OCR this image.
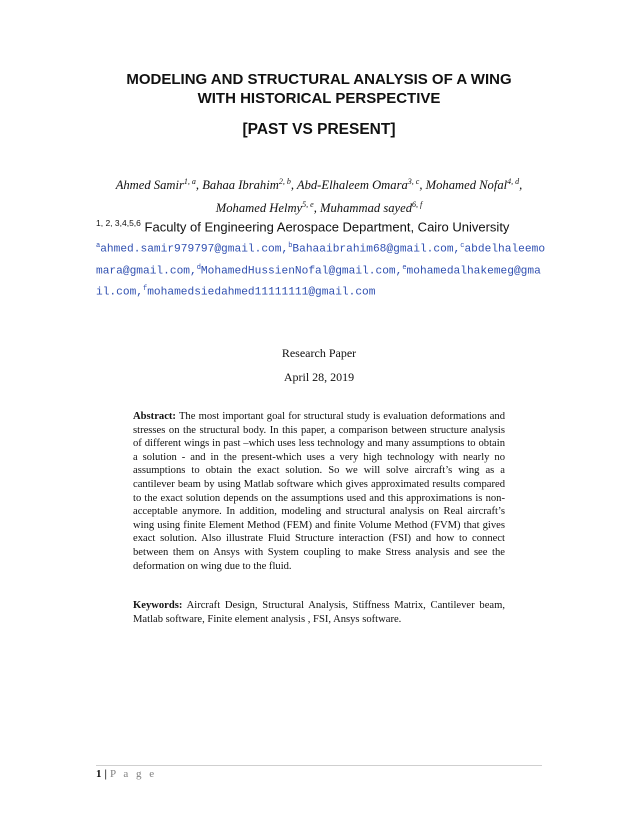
MODELING AND STRUCTURAL ANALYSIS OF A WING
WITH HISTORICAL PERSPECTIVE
[PAST VS PRESENT]
Ahmed Samir$^{1, a}$, Bahaa Ibrahim$^{2, b}$, Abd-Elhaleem Omara$^{3, c}$, Mohamed Nofal$^{4, d}$, Mohamed Helmy$^{5, e}$, Muhammad sayed$^{6, f}$
$^{1, 2, 3,4,5,6}$ Faculty of Engineering Aerospace Department, Cairo University
$^a$ahmed.samir979797@gmail.com,$^b$Bahaaibrahim68@gmail.com,$^c$abdelhaleemomara@gmail.com,$^d$MohamedHussienNofal@gmail.com,$^e$mohamedalhakemeg@gmail.com,$^f$mohamedsiedahmed11111111@gmail.com
Research Paper
April 28, 2019
Abstract: The most important goal for structural study is evaluation deformations and stresses on the structural body. In this paper, a comparison between structure analysis of different wings in past –which uses less technology and many assumptions to obtain a solution - and in the present-which uses a very high technology with nearly no assumptions to obtain the exact solution. So we will solve aircraft’s wing as a cantilever beam by using Matlab software which gives approximated results compared to the exact solution depends on the assumptions used and this approximations is non-acceptable anymore. In addition, modeling and structural analysis on Real aircraft’s wing using finite Element Method (FEM) and finite Volume Method (FVM) that gives exact solution. Also illustrate Fluid Structure interaction (FSI) and how to connect between them on Ansys with System coupling to make Stress analysis and see the deformation on wing due to the fluid.
Keywords: Aircraft Design, Structural Analysis, Stiffness Matrix, Cantilever beam, Matlab software, Finite element analysis , FSI, Ansys software.
1 | P a g e
